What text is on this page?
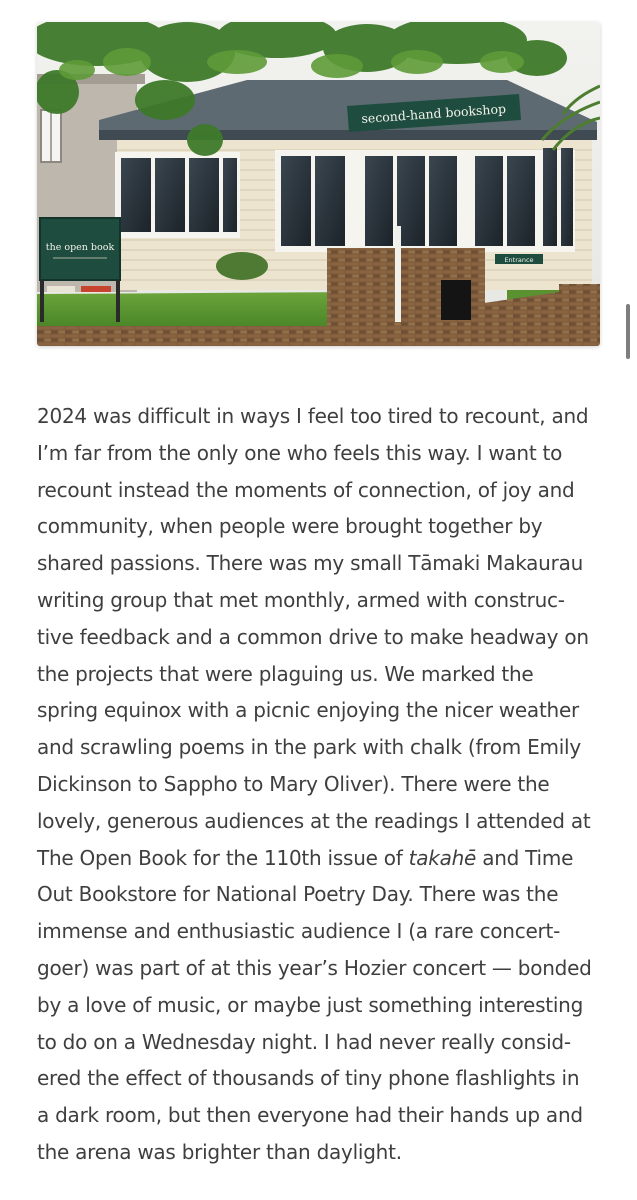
second-hand bookshop
Entrance
the open book
2024 was difficult in ways I feel too tired to recount, and
I’m far from the only one who feels this way. I want to
recount instead the moments of connection, of joy and
community, when people were brought together by
shared passions. There was my small Tāmaki Makaurau
writing group that met monthly, armed with construc-
tive feedback and a common drive to make headway on
the projects that were plaguing us. We marked the
spring equinox with a picnic enjoying the nicer weather
and scrawling poems in the park with chalk (from Emily
Dickinson to Sappho to Mary Oliver). There were the
lovely, generous audiences at the readings I attended at
The Open Book for the 110th issue of takahē and Time
Out Bookstore for National Poetry Day. There was the
immense and enthusiastic audience I (a rare concert-
goer) was part of at this year’s Hozier concert — bonded
by a love of music, or maybe just something interesting
to do on a Wednesday night. I had never really consid-
ered the effect of thousands of tiny phone flashlights in
a dark room, but then everyone had their hands up and
the arena was brighter than daylight.
